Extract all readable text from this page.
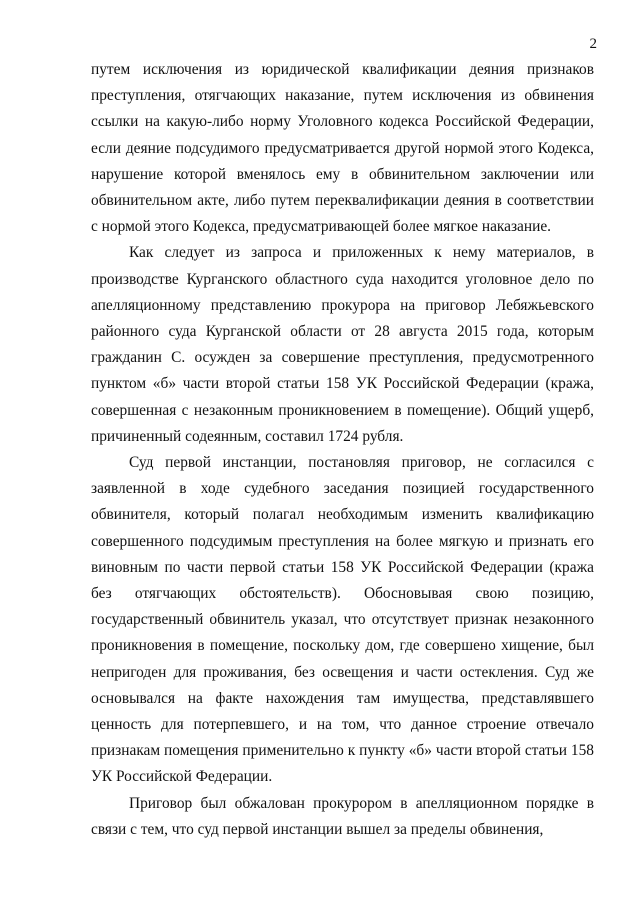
2

путем исключения из юридической квалификации деяния признаков преступления, отягчающих наказание, путем исключения из обвинения ссылки на какую-либо норму Уголовного кодекса Российской Федерации, если деяние подсудимого предусматривается другой нормой этого Кодекса, нарушение которой вменялось ему в обвинительном заключении или обвинительном акте, либо путем переквалификации деяния в соответствии с нормой этого Кодекса, предусматривающей более мягкое наказание.

Как следует из запроса и приложенных к нему материалов, в производстве Курганского областного суда находится уголовное дело по апелляционному представлению прокурора на приговор Лебяжьевского районного суда Курганской области от 28 августа 2015 года, которым гражданин С. осужден за совершение преступления, предусмотренного пунктом «б» части второй статьи 158 УК Российской Федерации (кража, совершенная с незаконным проникновением в помещение). Общий ущерб, причиненный содеянным, составил 1724 рубля.

Суд первой инстанции, постановляя приговор, не согласился с заявленной в ходе судебного заседания позицией государственного обвинителя, который полагал необходимым изменить квалификацию совершенного подсудимым преступления на более мягкую и признать его виновным по части первой статьи 158 УК Российской Федерации (кража без отягчающих обстоятельств). Обосновывая свою позицию, государственный обвинитель указал, что отсутствует признак незаконного проникновения в помещение, поскольку дом, где совершено хищение, был непригоден для проживания, без освещения и части остекления. Суд же основывался на факте нахождения там имущества, представлявшего ценность для потерпевшего, и на том, что данное строение отвечало признакам помещения применительно к пункту «б» части второй статьи 158 УК Российской Федерации.

Приговор был обжалован прокурором в апелляционном порядке в связи с тем, что суд первой инстанции вышел за пределы обвинения,
